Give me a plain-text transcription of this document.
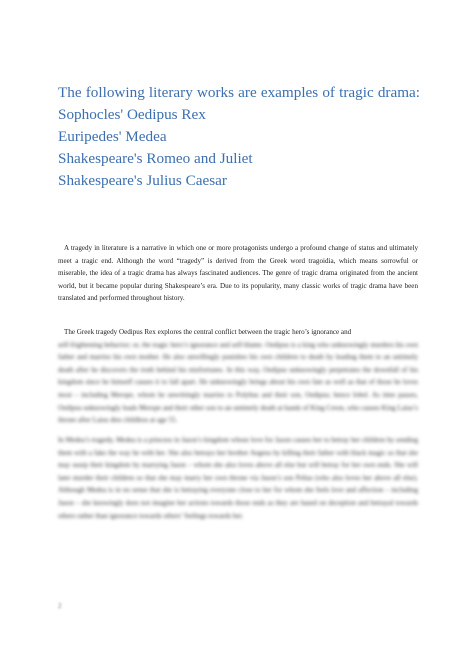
The following literary works are examples of tragic drama:

Sophocles' Oedipus Rex

Euripedes' Medea

Shakespeare's Romeo and Juliet

Shakespeare's Julius Caesar

A tragedy in literature is a narrative in which one or more protagonists undergo a profound change of status and ultimately meet a tragic end. Although the word “tragedy” is derived from the Greek word tragoidia, which means sorrowful or miserable, the idea of a tragic drama has always fascinated audiences. The genre of tragic drama originated from the ancient world, but it became popular during Shakespeare’s era. Due to its popularity, many classic works of tragic drama have been translated and performed throughout history.

The Greek tragedy Oedipus Rex explores the central conflict between the tragic hero’s ignorance and

self-frightening behavior; or, the tragic hero’s ignorance and self-blame. Oedipus is a king who unknowingly murders his own father and marries his own mother. He also unwillingly punishes his own children to death by leading them to an untimely death after he discovers the truth behind his misfortunes. In this way, Oedipus unknowingly perpetrates the downfall of his kingdom since he himself causes it to fall apart. He unknowingly brings about his own fate as well as that of those he loves most – including Merope, whom he unwittingly marries to Polybus and their son, Oedipus; hence Iobel. As time passes, Oedipus unknowingly leads Merope and their other son to an untimely death at hands of King Creon, who causes King Laius’s throne after Laius dies childless at age 55.

In Medea’s tragedy, Medea is a princess in Jason’s kingdom whose love for Jason causes her to betray her children by sending them with a fake the way he with her. She also betrays her brother Aegeus by killing their father with black magic so that she may usurp their kingdom by marrying Jason – whom she also loves above all else but will betray for her own ends. She will later murder their children so that she may marry her own throne via Jason’s son Pelias (who also loves her above all else). Although Medea is in no sense that she is betraying everyone close to her for whom she feels love and affection – including Jason – she knowingly does not imagine her actions towards those ends as they are based on deception and betrayal towards others rather than ignorance towards others’ feelings towards her.

2
